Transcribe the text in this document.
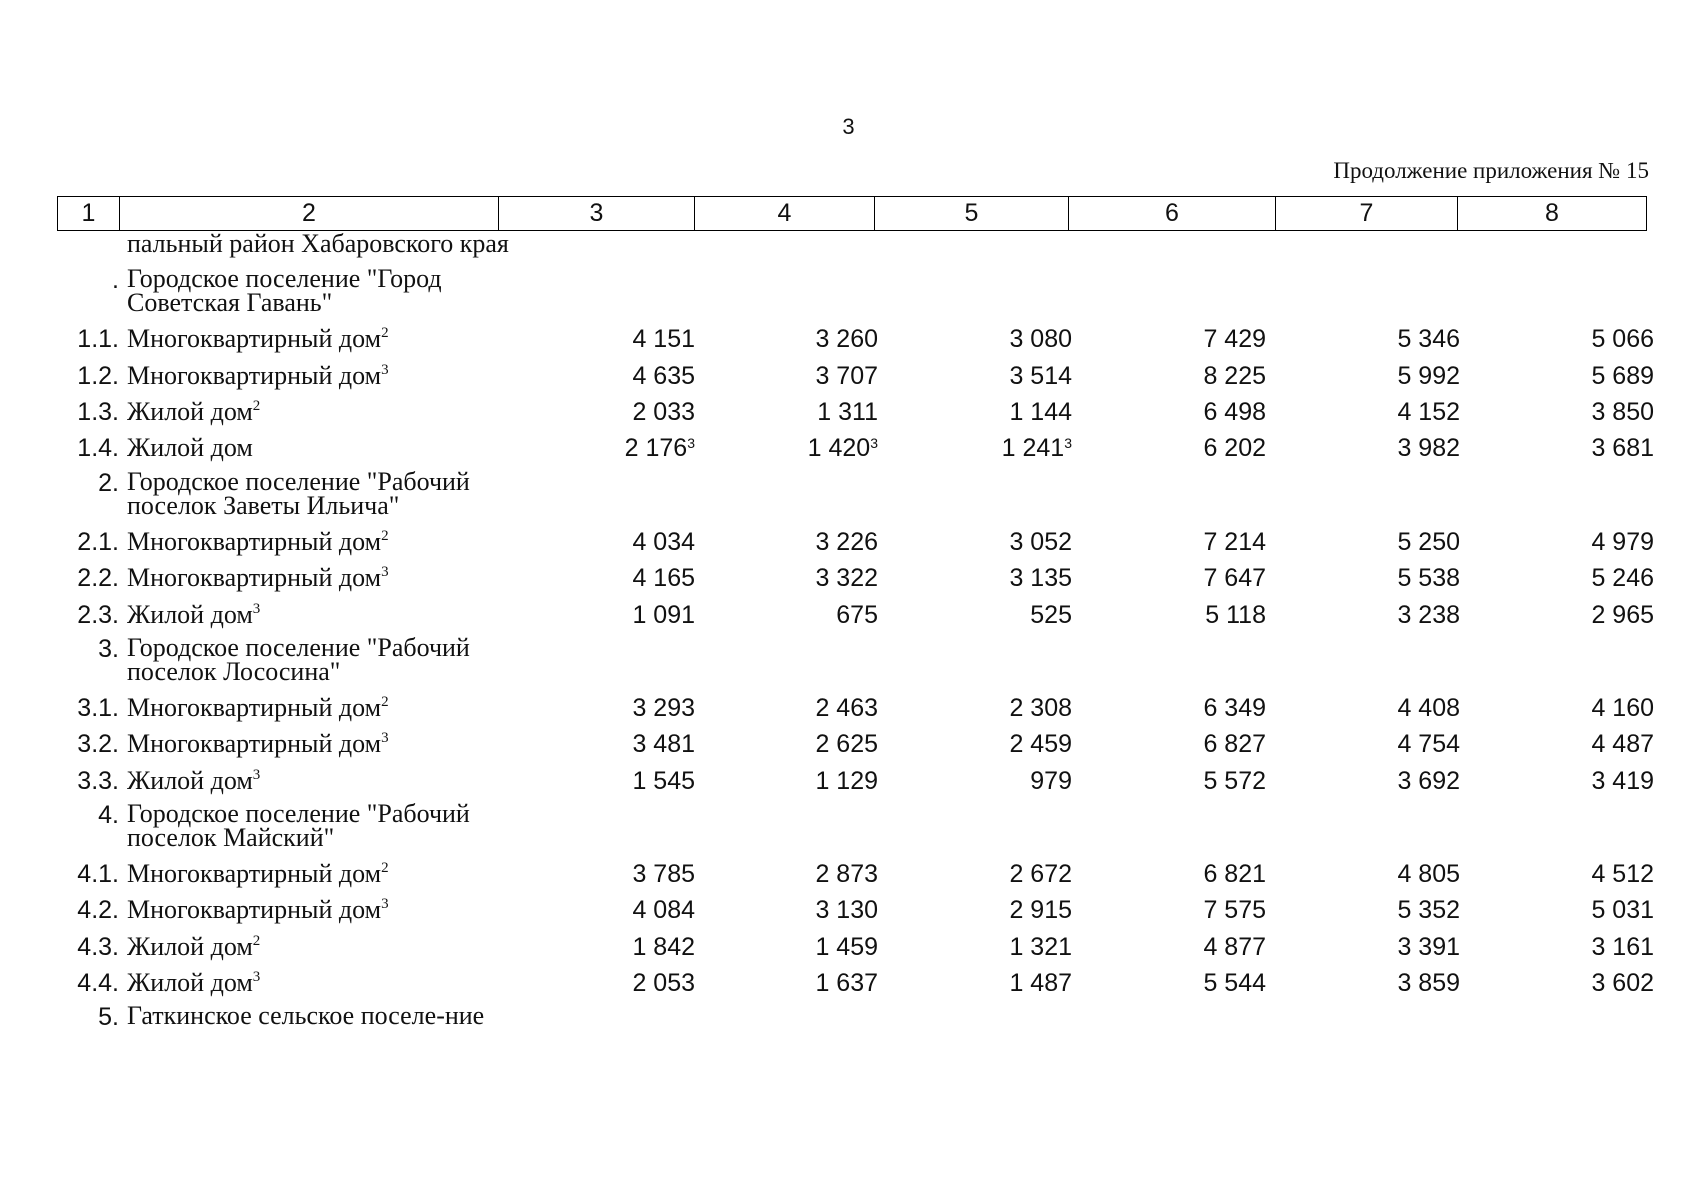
3
Продолжение приложения № 15
1	2	3	4	5	6	7	8
пальный район Хабаровского края
. Городское поселение "Город Советская Гавань"
1.1. Многоквартирный дом$^2$	4 151	3 260	3 080	7 429	5 346	5 066
1.2. Многоквартирный дом$^3$	4 635	3 707	3 514	8 225	5 992	5 689
1.3. Жилой дом$^2$	2 033	1 311	1 144	6 498	4 152	3 850
1.4. Жилой дом	2 $176^3$	1 $420^3$	1 $241^3$	6 202	3 982	3 681
2. Городское поселение "Рабочий поселок Заветы Ильича"
2.1. Многоквартирный дом$^2$	4 034	3 226	3 052	7 214	5 250	4 979
2.2. Многоквартирный дом$^3$	4 165	3 322	3 135	7 647	5 538	5 246
2.3. Жилой дом$^3$	1 091	675	525	5 118	3 238	2 965
3. Городское поселение "Рабочий поселок Лососина"
3.1. Многоквартирный дом$^2$	3 293	2 463	2 308	6 349	4 408	4 160
3.2. Многоквартирный дом$^3$	3 481	2 625	2 459	6 827	4 754	4 487
3.3. Жилой дом$^3$	1 545	1 129	979	5 572	3 692	3 419
4. Городское поселение "Рабочий поселок Майский"
4.1. Многоквартирный дом$^2$	3 785	2 873	2 672	6 821	4 805	4 512
4.2. Многоквартирный дом$^3$	4 084	3 130	2 915	7 575	5 352	5 031
4.3. Жилой дом$^2$	1 842	1 459	1 321	4 877	3 391	3 161
4.4. Жилой дом$^3$	2 053	1 637	1 487	5 544	3 859	3 602
5. Гаткинское сельское поселе-ние
